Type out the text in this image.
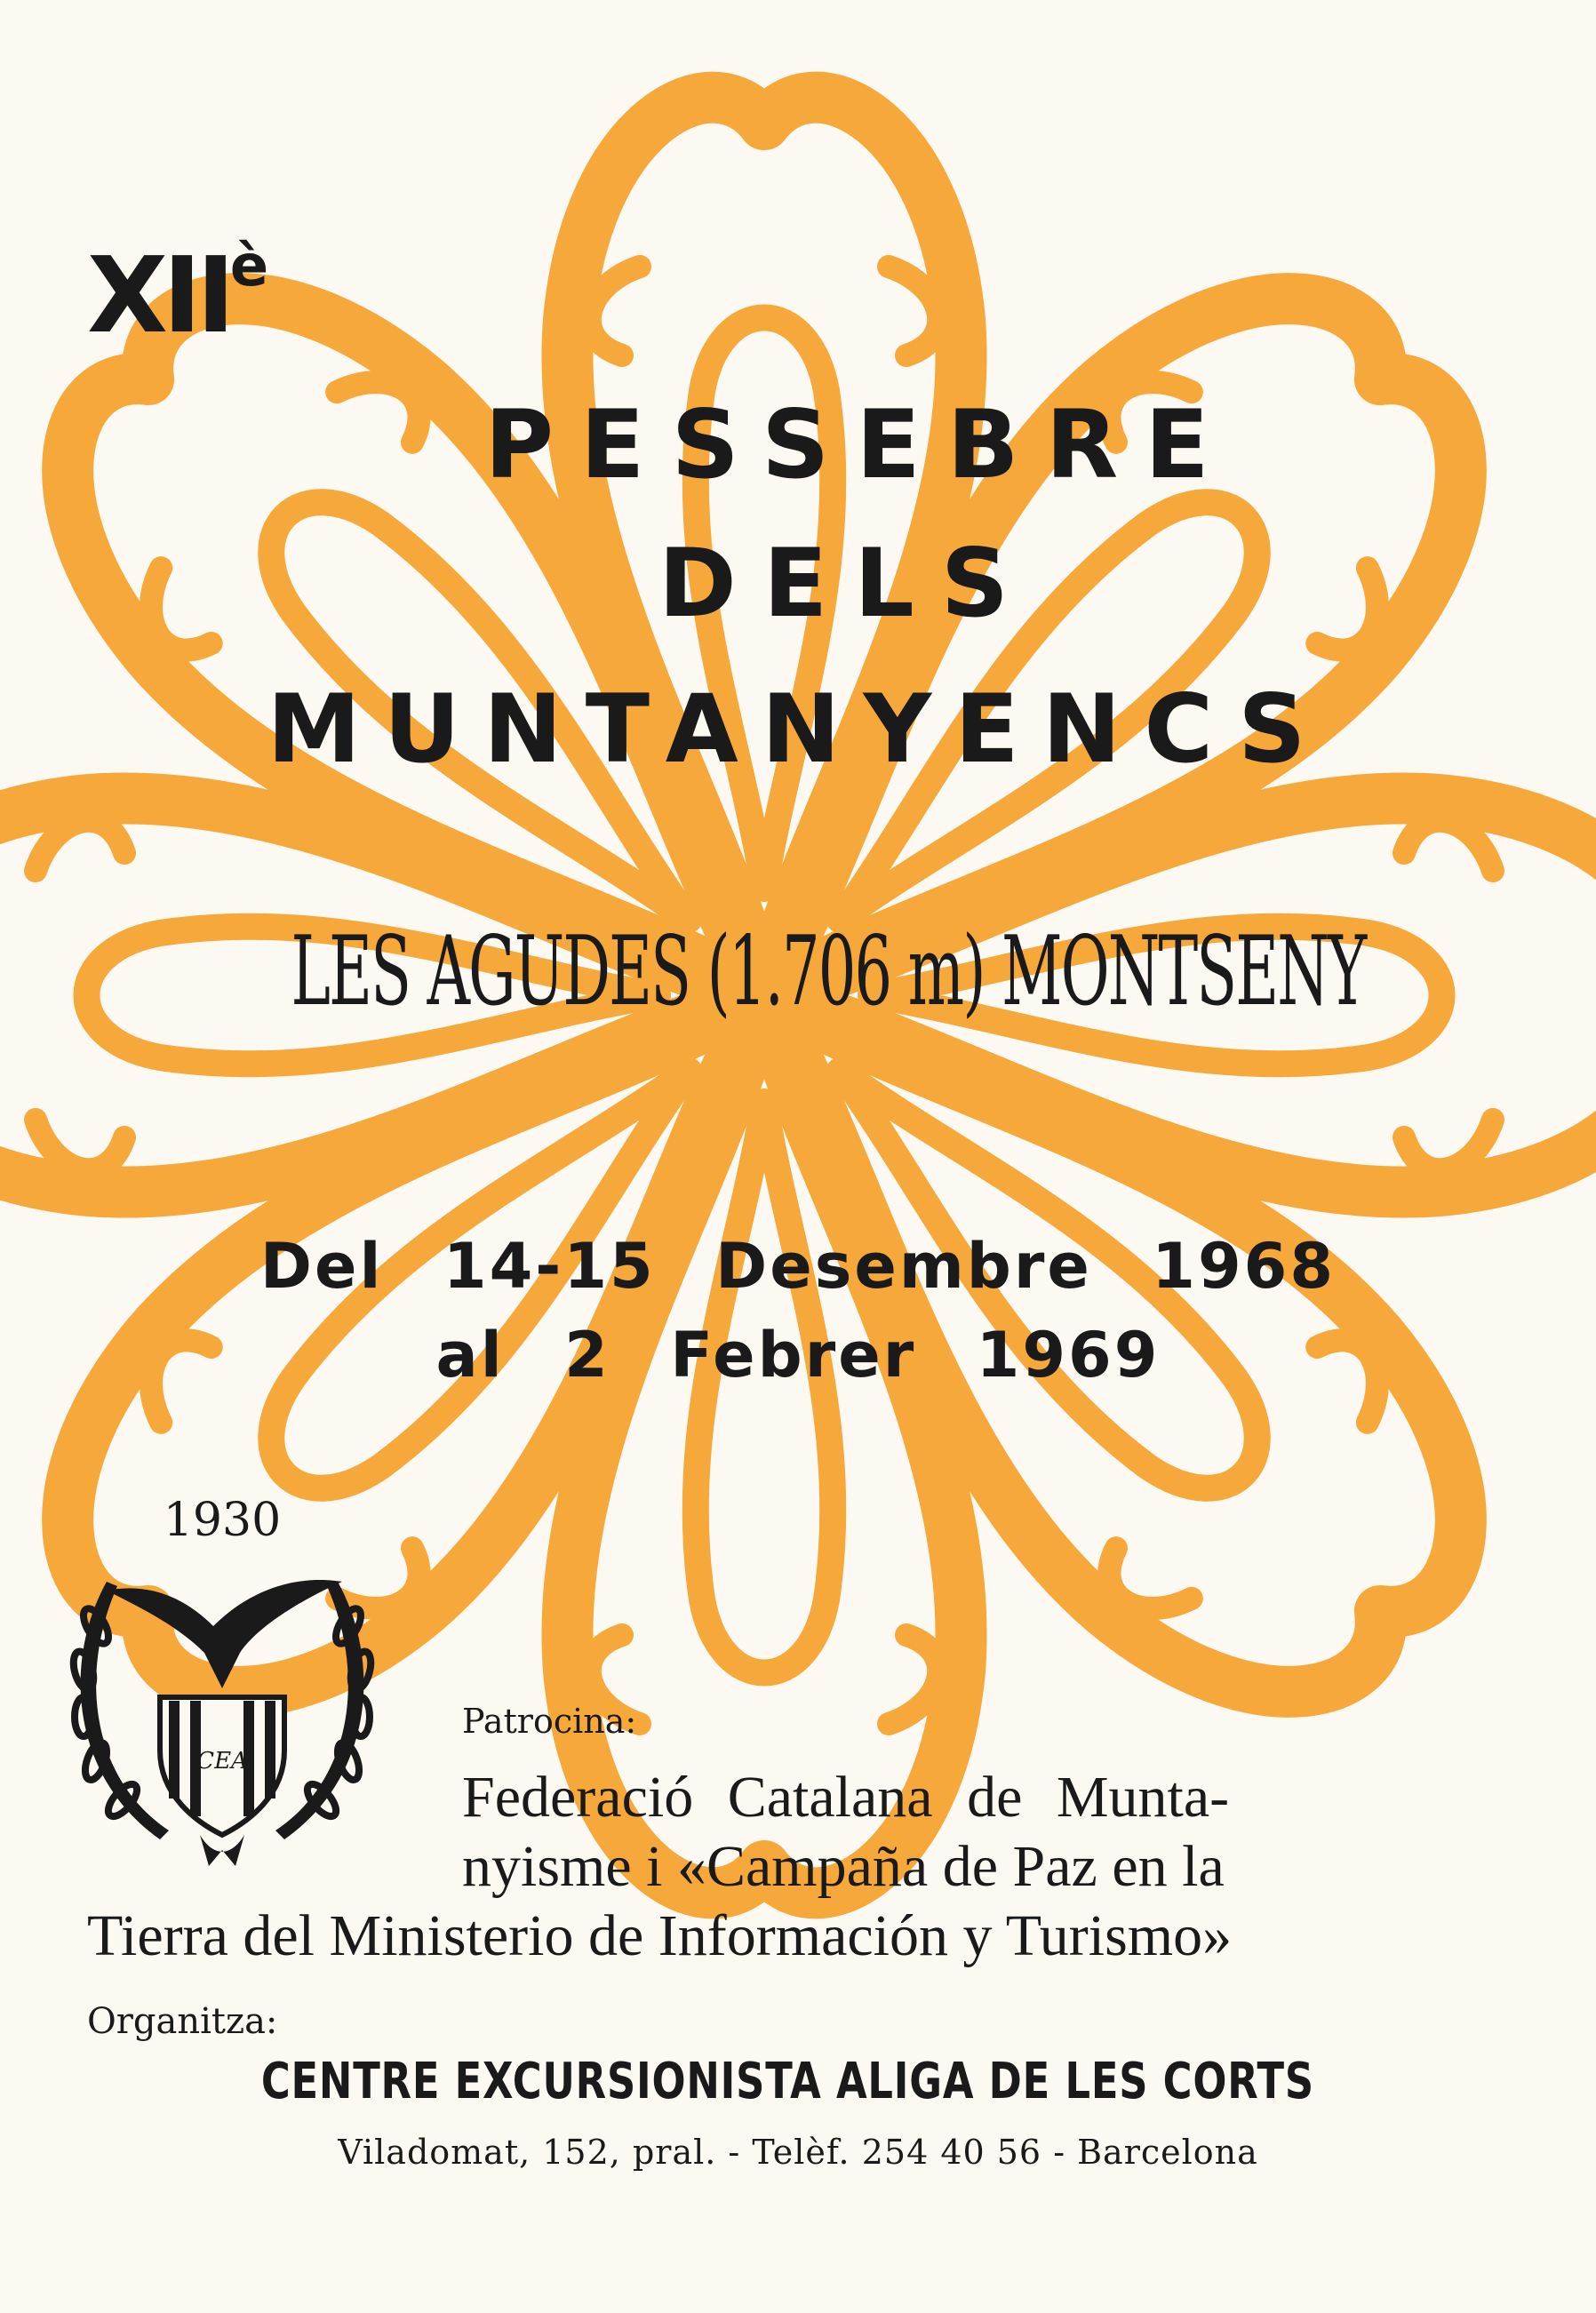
$XII^è$
PESSEBRE
DELS
MUNTANYENCS
LES AGUDES (1.706 m) MONTSENY
Del 14-15 Desembre 1968
al 2 Febrer 1969
1930
CEA
Patrocina:
Federació Catalana de Munta-
nyisme i «Campaña de Paz en la
Tierra del Ministerio de Información y Turismo»
Organitza:
CENTRE EXCURSIONISTA ALIGA DE LES CORTS
Viladomat, 152, pral. - Telèf. 254 40 56 - Barcelona
